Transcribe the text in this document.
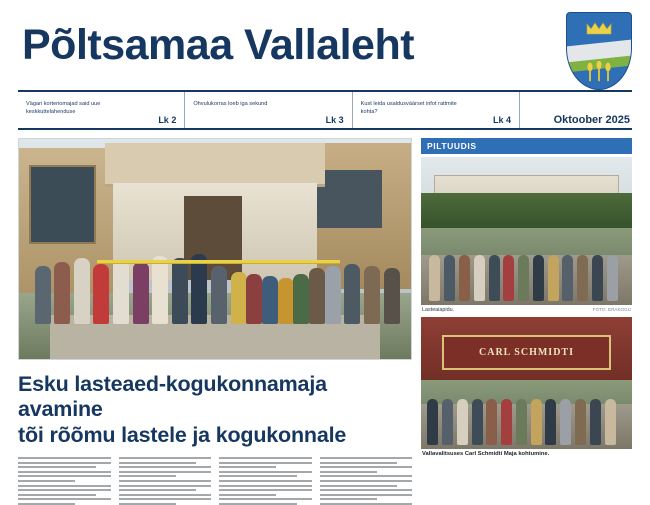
Põltsamaa Vallaleht
Vägari korteriomajad said uue keskkuttelahenduse
Lk 2
Ohvulukorras loeb iga sekund
Lk 3
Kust leida usaldusväärset infot rattmite kohta?
Lk 4	Oktoober 2025
Esku lasteaed-kogukonnamaja avamine
tõi rõõmu lastele ja kogukonnale
PILTUUDIS
Lasteaiapidu.	FOTO: ERAKOGU
CARL SCHMIDTI
Vallavalitsuses Carl Schmidti Maja kohtumine.
